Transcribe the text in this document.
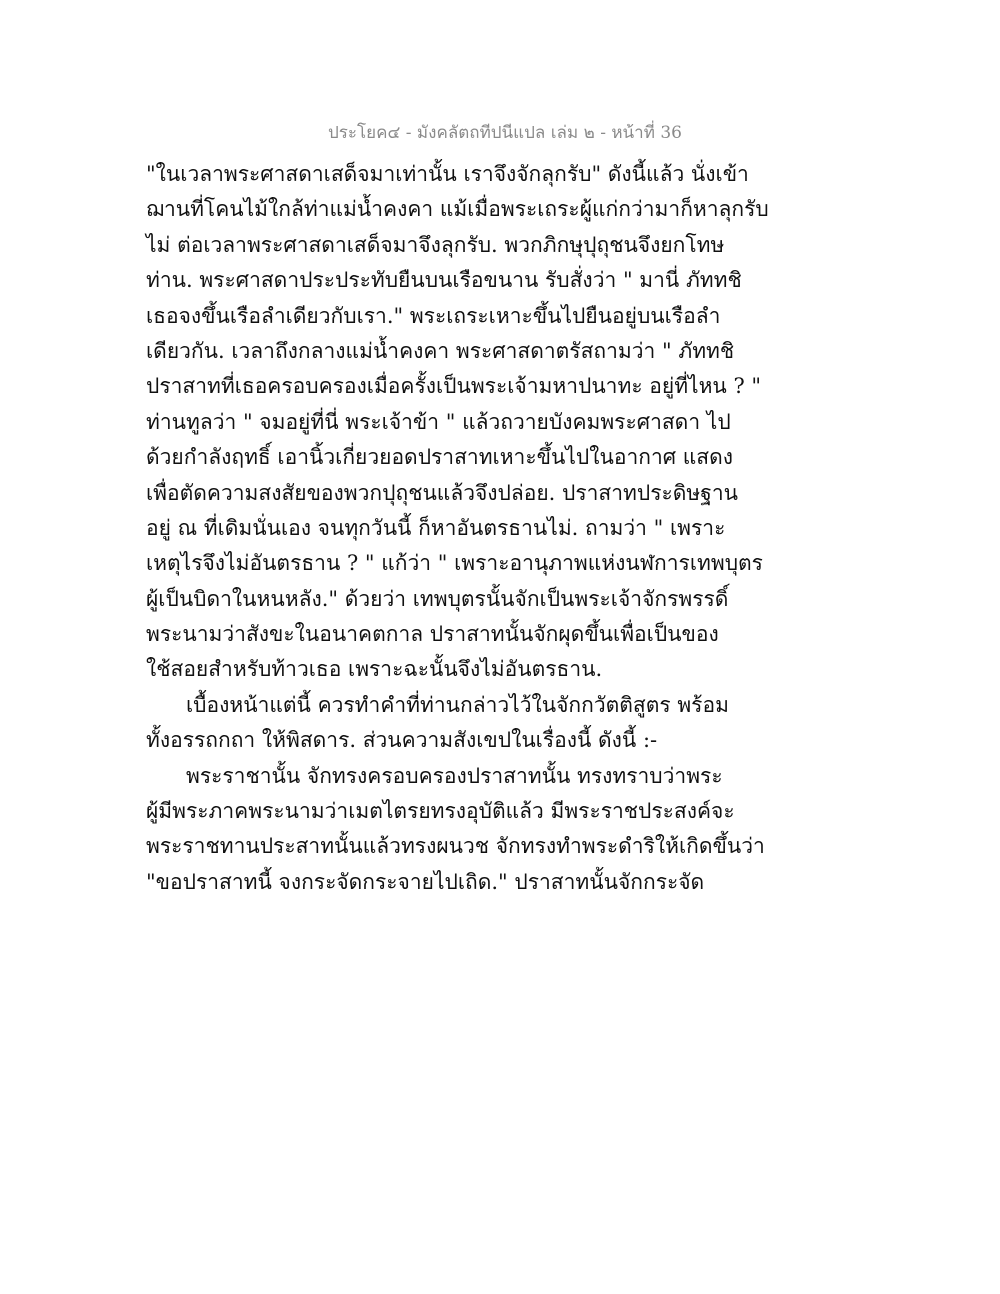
ประโยค๔ - มังคลัตถทีปนีแปล เล่ม ๒ - หน้าที่ 36
"ในเวลาพระศาสดาเสด็จมาเท่านั้น เราจึงจักลุกรับ" ดังนี้แล้ว นั่งเข้า
ฌานที่โคนไม้ใกล้ท่าแม่น้ำคงคา แม้เมื่อพระเถระผู้แก่กว่ามาก็หาลุกรับ
ไม่ ต่อเวลาพระศาสดาเสด็จมาจึงลุกรับ. พวกภิกษุปุถุชนจึงยกโทษ
ท่าน. พระศาสดาประประทับยืนบนเรือขนาน รับสั่งว่า " มานี่ ภัททชิ
เธอจงขึ้นเรือลำเดียวกับเรา." พระเถระเหาะขึ้นไปยืนอยู่บนเรือลำ
เดียวกัน. เวลาถึงกลางแม่น้ำคงคา พระศาสดาตรัสถามว่า " ภัททชิ
ปราสาทที่เธอครอบครองเมื่อครั้งเป็นพระเจ้ามหาปนาทะ อยู่ที่ไหน ? "
ท่านทูลว่า " จมอยู่ที่นี่ พระเจ้าข้า " แล้วถวายบังคมพระศาสดา ไป
ด้วยกำลังฤทธิ์ เอานิ้วเกี่ยวยอดปราสาทเหาะขึ้นไปในอากาศ แสดง
เพื่อตัดความสงสัยของพวกปุถุชนแล้วจึงปล่อย. ปราสาทประดิษฐาน
อยู่ ณ ที่เดิมนั่นเอง จนทุกวันนี้ ก็หาอันตรธานไม่. ถามว่า " เพราะ
เหตุไรจึงไม่อันตรธาน ? " แก้ว่า " เพราะอานุภาพแห่งนฬการเทพบุตร
ผู้เป็นบิดาในหนหลัง." ด้วยว่า เทพบุตรนั้นจักเป็นพระเจ้าจักรพรรดิ์
พระนามว่าสังขะในอนาคตกาล ปราสาทนั้นจักผุดขึ้นเพื่อเป็นของ
ใช้สอยสำหรับท้าวเธอ เพราะฉะนั้นจึงไม่อันตรธาน.
เบื้องหน้าแต่นี้ ควรทำคำที่ท่านกล่าวไว้ในจักกวัตติสูตร พร้อม
ทั้งอรรถกถา ให้พิสดาร. ส่วนความสังเขปในเรื่องนี้ ดังนี้ :-
พระราชานั้น จักทรงครอบครองปราสาทนั้น ทรงทราบว่าพระ
ผู้มีพระภาคพระนามว่าเมตไตรยทรงอุบัติแล้ว มีพระราชประสงค์จะ
พระราชทานประสาทนั้นแล้วทรงผนวช จักทรงทำพระดำริให้เกิดขึ้นว่า
"ขอปราสาทนี้ จงกระจัดกระจายไปเถิด." ปราสาทนั้นจักกระจัด
